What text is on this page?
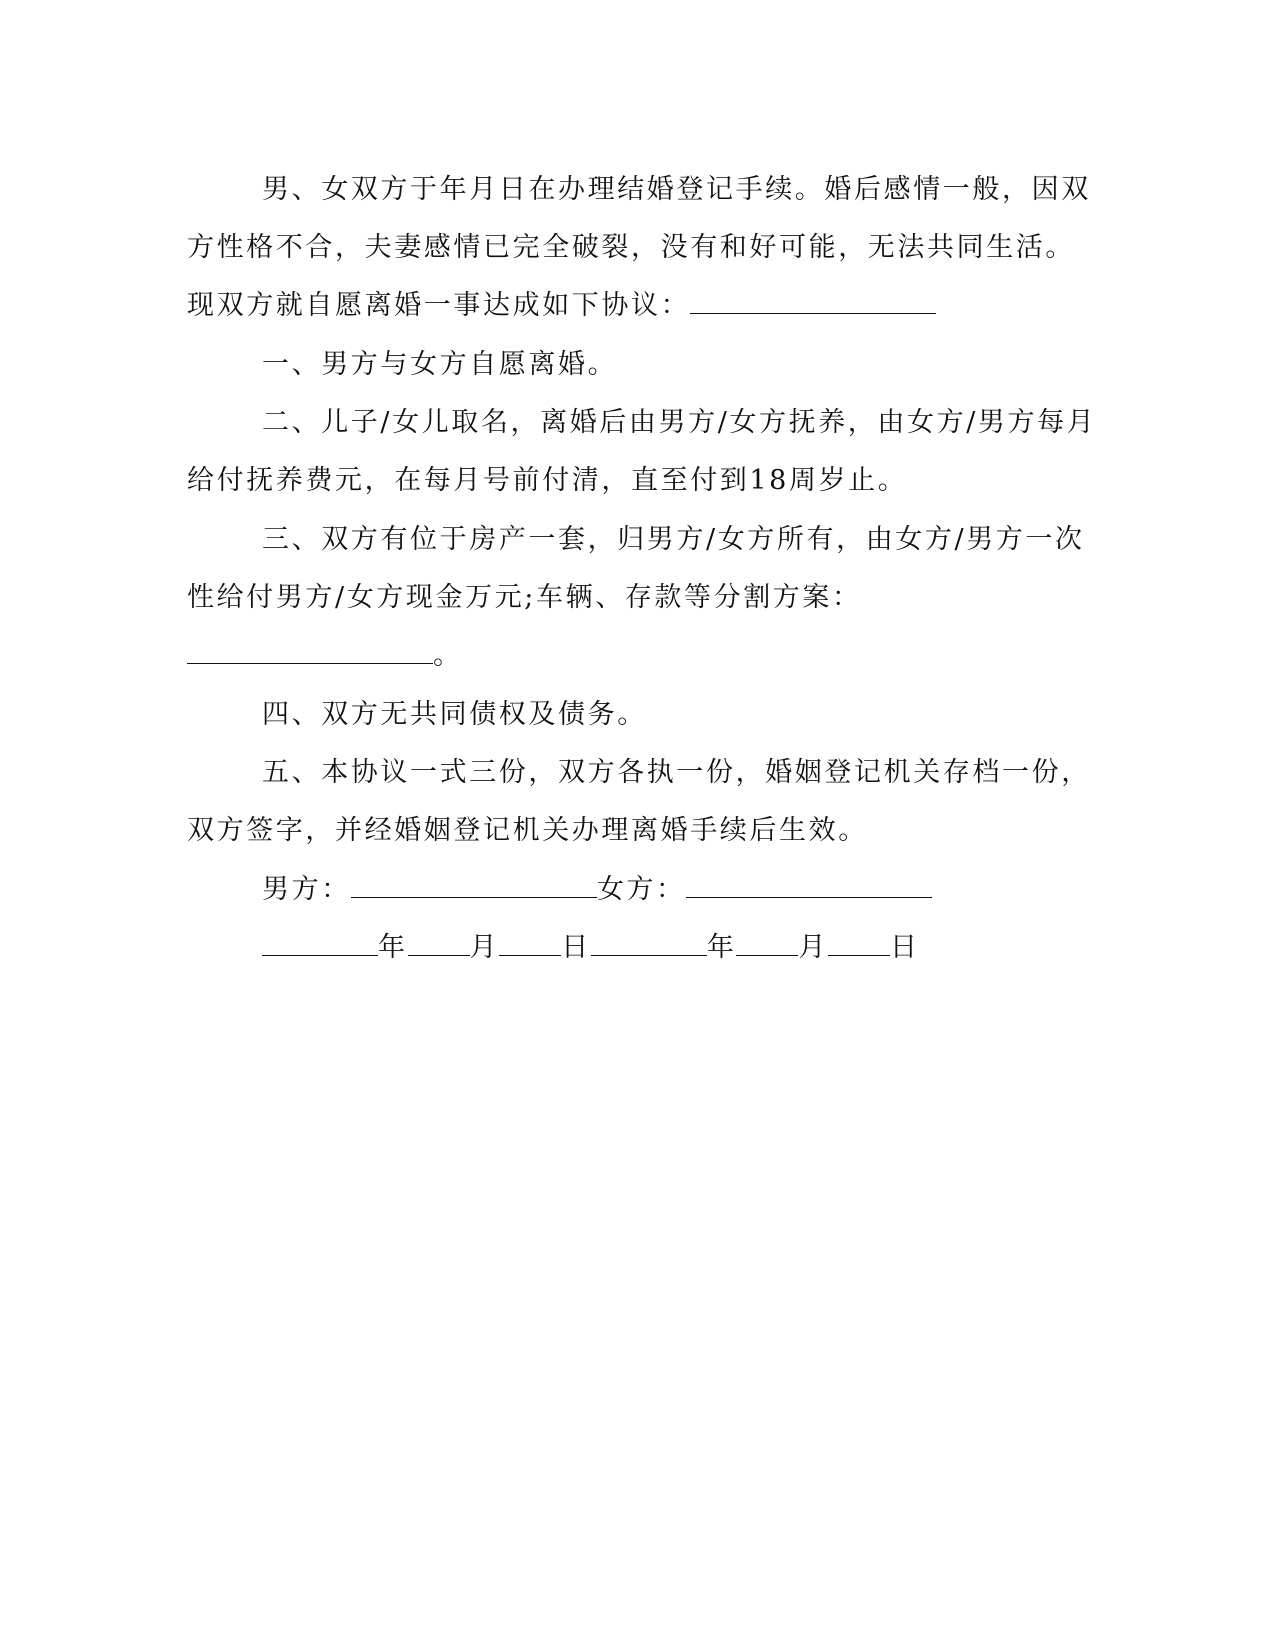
男、女双方于年月日在办理结婚登记手续。婚后感情一般，因双
方性格不合，夫妻感情已完全破裂，没有和好可能，无法共同生活。
现双方就自愿离婚一事达成如下协议：
一、男方与女方自愿离婚。
二、儿子/女儿取名，离婚后由男方/女方抚养，由女方/男方每月
给付抚养费元，在每月号前付清，直至付到18周岁止。
三、双方有位于房产一套，归男方/女方所有，由女方/男方一次
性给付男方/女方现金万元;车辆、存款等分割方案：
。
四、双方无共同债权及债务。
五、本协议一式三份，双方各执一份，婚姻登记机关存档一份，
双方签字，并经婚姻登记机关办理离婚手续后生效。
男方：	女方：
年 月 日	年 月 日
